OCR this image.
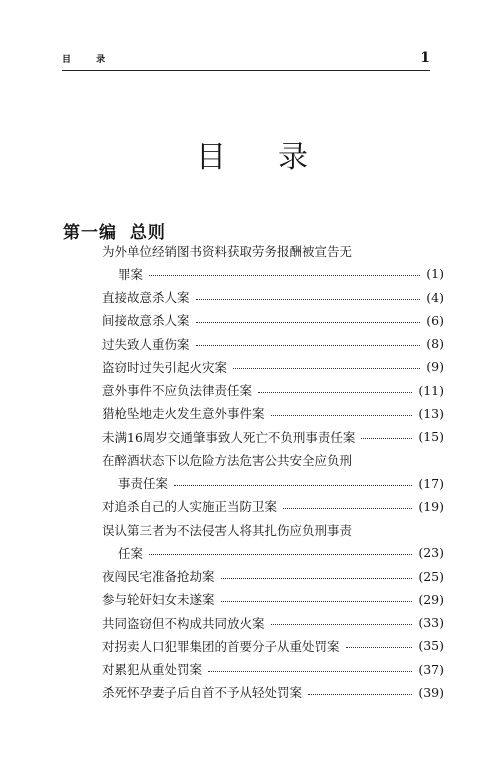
目 录	1
目录
第一编 总则
为外单位经销图书资料获取劳务报酬被宣告无
罪案	(1)
直接故意杀人案	(4)
间接故意杀人案	(6)
过失致人重伤案	(8)
盗窃时过失引起火灾案	(9)
意外事件不应负法律责任案	(11)
猎枪坠地走火发生意外事件案	(13)
未满16周岁交通肇事致人死亡不负刑事责任案	(15)
在醉酒状态下以危险方法危害公共安全应负刑
事责任案	(17)
对追杀自己的人实施正当防卫案	(19)
误认第三者为不法侵害人将其扎伤应负刑事责
任案	(23)
夜闯民宅准备抢劫案	(25)
参与轮奸妇女未遂案	(29)
共同盗窃但不构成共同放火案	(33)
对拐卖人口犯罪集团的首要分子从重处罚案	(35)
对累犯从重处罚案	(37)
杀死怀孕妻子后自首不予从轻处罚案	(39)
